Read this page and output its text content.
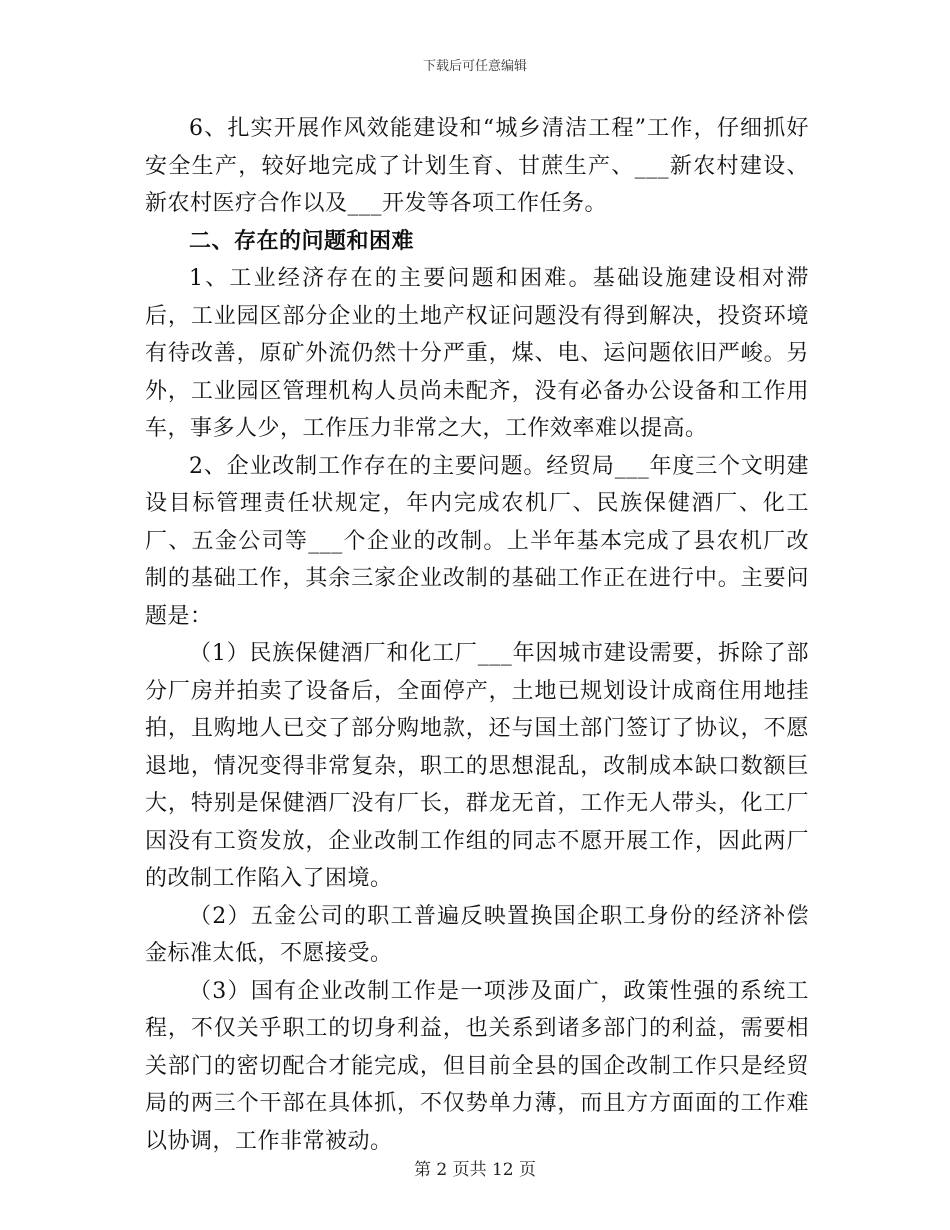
下载后可任意编辑

6、扎实开展作风效能建设和“城乡清洁工程”工作，仔细抓好安全生产，较好地完成了计划生育、甘蔗生产、___新农村建设、新农村医疗合作以及___开发等各项工作任务。

二、存在的问题和困难

1、工业经济存在的主要问题和困难。基础设施建设相对滞后，工业园区部分企业的土地产权证问题没有得到解决，投资环境有待改善，原矿外流仍然十分严重，煤、电、运问题依旧严峻。另外，工业园区管理机构人员尚未配齐，没有必备办公设备和工作用车，事多人少，工作压力非常之大，工作效率难以提高。

2、企业改制工作存在的主要问题。经贸局___年度三个文明建设目标管理责任状规定，年内完成农机厂、民族保健酒厂、化工厂、五金公司等___个企业的改制。上半年基本完成了县农机厂改制的基础工作，其余三家企业改制的基础工作正在进行中。主要问题是：

（1）民族保健酒厂和化工厂___年因城市建设需要，拆除了部分厂房并拍卖了设备后，全面停产，土地已规划设计成商住用地挂拍，且购地人已交了部分购地款，还与国土部门签订了协议，不愿退地，情况变得非常复杂，职工的思想混乱，改制成本缺口数额巨大，特别是保健酒厂没有厂长，群龙无首，工作无人带头，化工厂因没有工资发放，企业改制工作组的同志不愿开展工作，因此两厂的改制工作陷入了困境。

（2）五金公司的职工普遍反映置换国企职工身份的经济补偿金标准太低，不愿接受。

（3）国有企业改制工作是一项涉及面广，政策性强的系统工程，不仅关乎职工的切身利益，也关系到诸多部门的利益，需要相关部门的密切配合才能完成，但目前全县的国企改制工作只是经贸局的两三个干部在具体抓，不仅势单力薄，而且方方面面的工作难以协调，工作非常被动。

第 2 页共 12 页
